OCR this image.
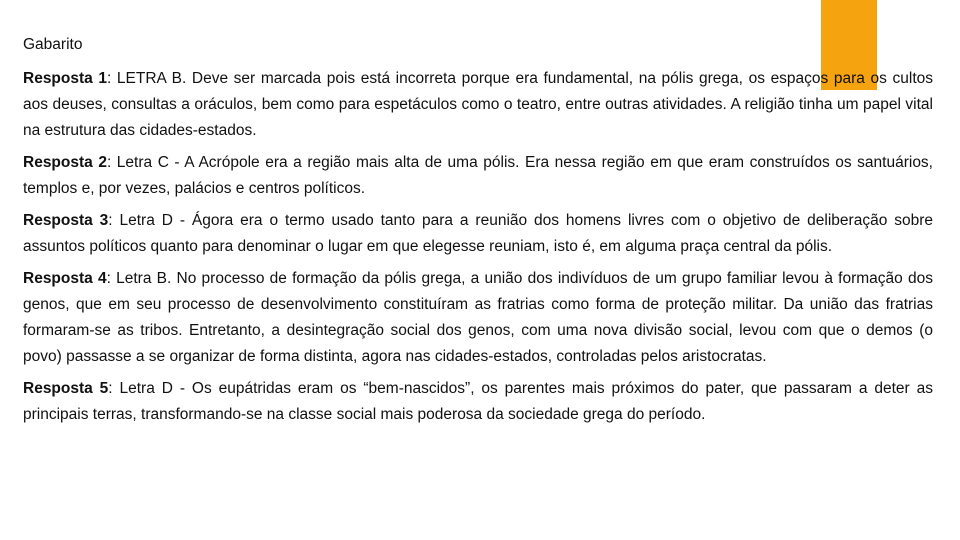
Gabarito

Resposta 1: LETRA B. Deve ser marcada pois está incorreta porque era fundamental, na pólis grega, os espaços para os cultos aos deuses, consultas a oráculos, bem como para espetáculos como o teatro, entre outras atividades. A religião tinha um papel vital na estrutura das cidades-estados.

Resposta 2: Letra C - A Acrópole era a região mais alta de uma pólis. Era nessa região em que eram construídos os santuários, templos e, por vezes, palácios e centros políticos.

Resposta 3: Letra D - Ágora era o termo usado tanto para a reunião dos homens livres com o objetivo de deliberação sobre assuntos políticos quanto para denominar o lugar em que elegesse reuniam, isto é, em alguma praça central da pólis.

Resposta 4: Letra B. No processo de formação da pólis grega, a união dos indivíduos de um grupo familiar levou à formação dos genos, que em seu processo de desenvolvimento constituíram as fratrias como forma de proteção militar. Da união das fratrias formaram-se as tribos. Entretanto, a desintegração social dos genos, com uma nova divisão social, levou com que o demos (o povo) passasse a se organizar de forma distinta, agora nas cidades-estados, controladas pelos aristocratas.

Resposta 5: Letra D - Os eupátridas eram os “bem-nascidos”, os parentes mais próximos do pater, que passaram a deter as principais terras, transformando-se na classe social mais poderosa da sociedade grega do período.
